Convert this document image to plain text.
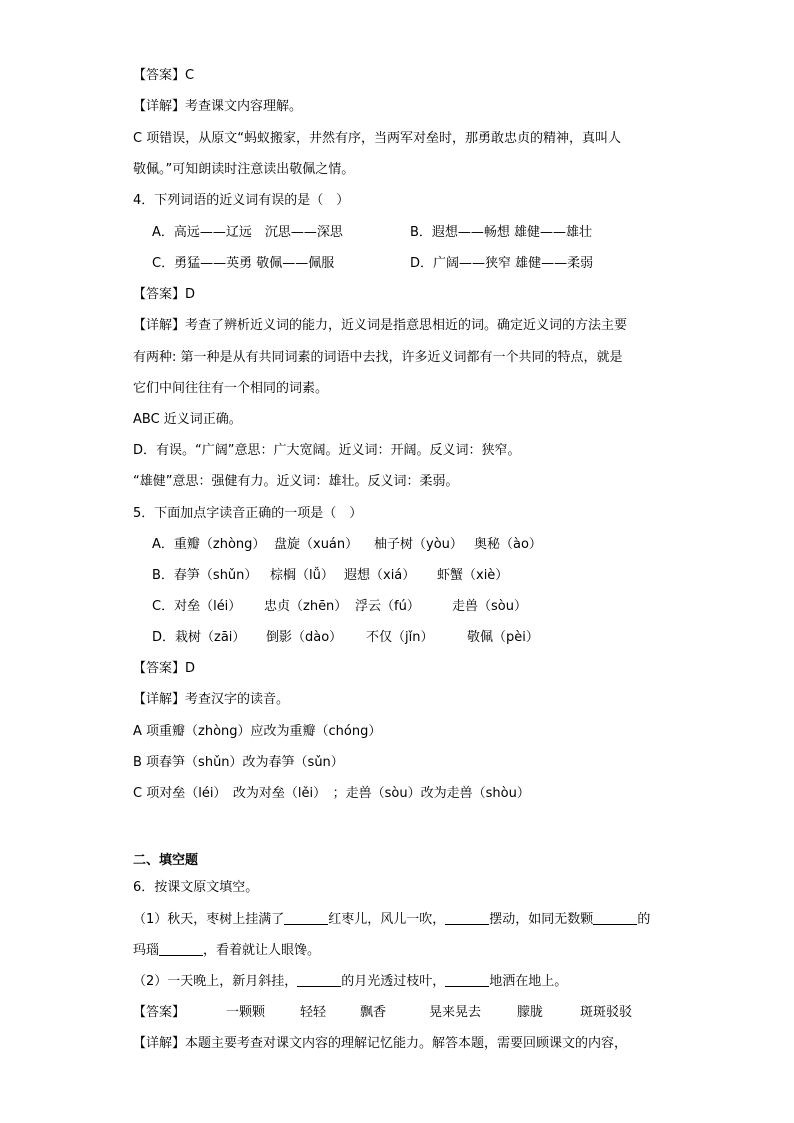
【答案】C
【详解】考查课文内容理解。
C 项错误，从原文“蚂蚁搬家，井然有序，当两军对垒时，那勇敢忠贞的精神，真叫人
敬佩。”可知朗读时注意读出敬佩之情。
4．下列词语的近义词有误的是（　）
A．高远——辽远　沉思——深思	B．遐想——畅想 雄健——雄壮
C．勇猛——英勇 敬佩——佩服	D．广阔——狭窄 雄健——柔弱
【答案】D
【详解】考查了辨析近义词的能力，近义词是指意思相近的词。确定近义词的方法主要
有两种: 第一种是从有共同词素的词语中去找，许多近义词都有一个共同的特点，就是
它们中间往往有一个相同的词素。
ABC 近义词正确。
D．有误。“广阔”意思：广大宽阔。近义词：开阔。反义词：狭窄。
“雄健”意思：强健有力。近义词：雄壮。反义词：柔弱。
5．下面加点字读音正确的一项是（　）
A．重瓣（zhòng） 盘旋（xuán） 柚子树（yòu） 奥秘（ào）
B．春笋（shǔn） 棕榈（lǚ） 遐想（xiá） 虾蟹（xiè）
C．对垒（léi） 忠贞（zhēn） 浮云（fú） 走兽（sòu）
D．栽树（zāi） 倒影（dào） 不仅（jǐn）	敬佩（pèi）
【答案】D
【详解】考查汉字的读音。
A 项重瓣（zhòng）应改为重瓣（chóng）
B 项春笋（shǔn）改为春笋（sǔn）
C 项对垒（léi）　改为对垒（lěi）　；走兽（sòu）改为走兽（shòu）
二、填空题
6．按课文原文填空。
（1）秋天，枣树上挂满了	红枣儿，风儿一吹，	摆动，如同无数颗	的
玛瑙	，看着就让人眼馋。
（2）一天晚上，新月斜挂，	的月光透过枝叶，	地洒在地上。
【答案】	一颗颗	轻轻	飘香	晃来晃去	朦胧	斑斑驳驳
【详解】本题主要考查对课文内容的理解记忆能力。解答本题，需要回顾课文的内容，
